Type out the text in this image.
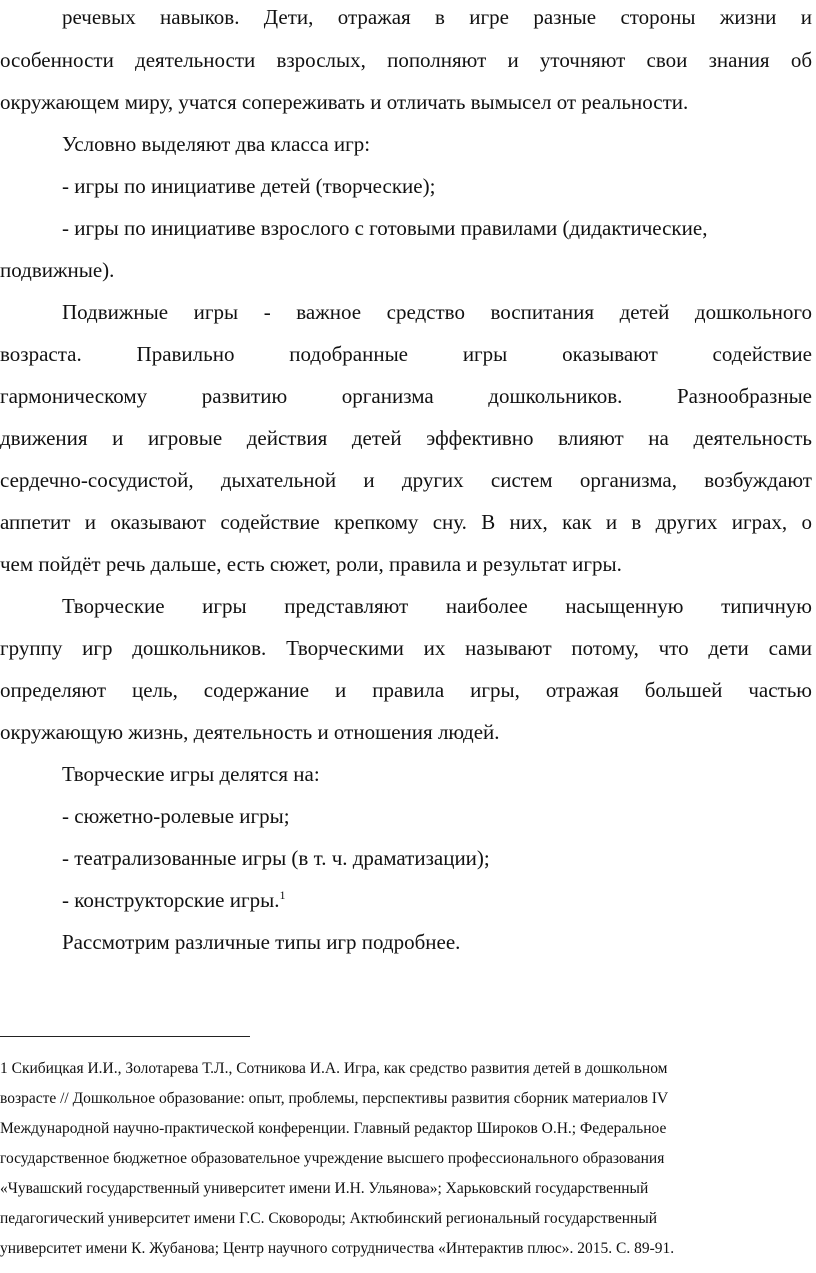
речевых навыков. Дети, отражая в игре разные стороны жизни и
особенности деятельности взрослых, пополняют и уточняют свои знания об
окружающем миру, учатся сопереживать и отличать вымысел от реальности.
Условно выделяют два класса игр:
- игры по инициативе детей (творческие);
- игры по инициативе взрослого с готовыми правилами (дидактические,
подвижные).
Подвижные игры - важное средство воспитания детей дошкольного
возраста. Правильно подобранные игры оказывают содействие
гармоническому развитию организма дошкольников. Разнообразные
движения и игровые действия детей эффективно влияют на деятельность
сердечно-сосудистой, дыхательной и других систем организма, возбуждают
аппетит и оказывают содействие крепкому сну. В них, как и в других играх, о
чем пойдёт речь дальше, есть сюжет, роли, правила и результат игры.
Творческие игры представляют наиболее насыщенную типичную
группу игр дошкольников. Творческими их называют потому, что дети сами
определяют цель, содержание и правила игры, отражая большей частью
окружающую жизнь, деятельность и отношения людей.
Творческие игры делятся на:
- сюжетно-ролевые игры;
- театрализованные игры (в т. ч. драматизации);
- конструкторские игры.$^1$
Рассмотрим различные типы игр подробнее.
1 Скибицкая И.И., Золотарева Т.Л., Сотникова И.А. Игра, как средство развития детей в дошкольном
возрасте // Дошкольное образование: опыт, проблемы, перспективы развития сборник материалов IV
Международной научно-практической конференции. Главный редактор Широков О.Н.; Федеральное
государственное бюджетное образовательное учреждение высшего профессионального образования
«Чувашский государственный университет имени И.Н. Ульянова»; Харьковский государственный
педагогический университет имени Г.С. Сковороды; Актюбинский региональный государственный
университет имени К. Жубанова; Центр научного сотрудничества «Интерактив плюс». 2015. С. 89-91.
